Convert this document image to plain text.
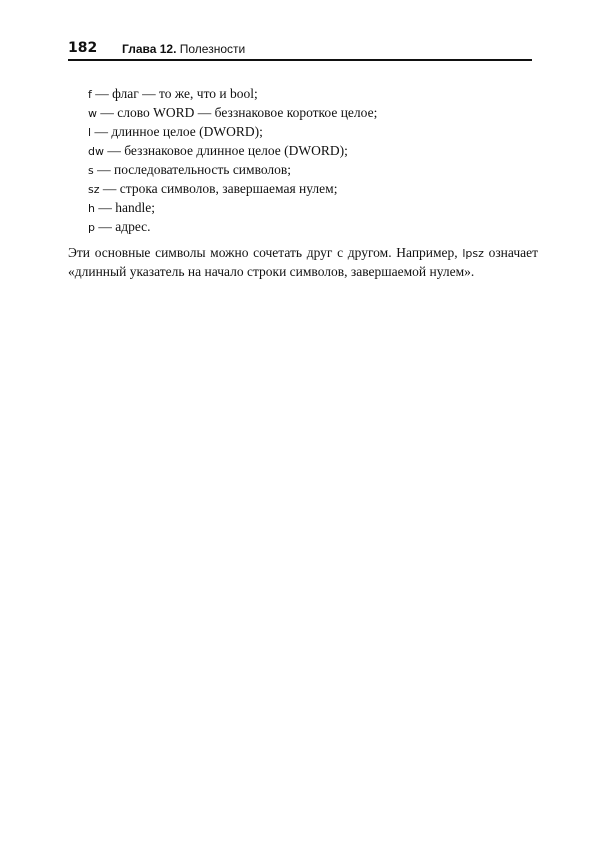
182 Глава 12. Полезности
f — флаг — то же, что и bool;
w — слово WORD — беззнаковое короткое целое;
l — длинное целое (DWORD);
dw — беззнаковое длинное целое (DWORD);
s — последовательность символов;
sz — строка символов, завершаемая нулем;
h — handle;
p — адрес.

Эти основные символы можно сочетать друг с другом. Например, lpsz означает «длинный указатель на начало строки символов, завершаемой нулем».
